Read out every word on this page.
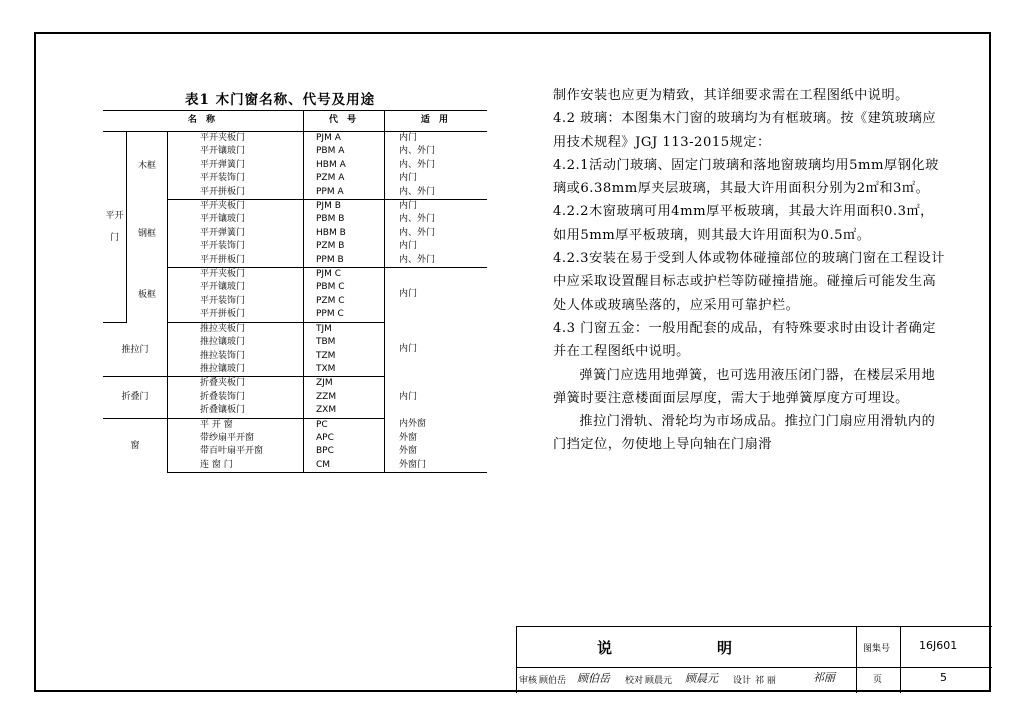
表1 木门窗名称、代号及用途
名 称			代 号	适 用
平开门	木框	平开夹板门	PJM A	内门
		平开镶玻门	PBM A	内、外门
		平开弹簧门	HBM A	内、外门
		平开装饰门	PZM A	内门
		平开拼板门	PPM A	内、外门
	钢框	平开夹板门	PJM B	内门
		平开镶玻门	PBM B	内、外门
		平开弹簧门	HBM B	内、外门
		平开装饰门	PZM B	内门
		平开拼板门	PPM B	内、外门
	板框	平开夹板门	PJM C	内门
		平开镶玻门	PBM C	
		平开装饰门	PZM C	
		平开拼板门	PPM C	
推拉门		推拉夹板门	TJM	内门
		推拉镶玻门	TBM	
		推拉装饰门	TZM	
		推拉镶玻门	TXM	
折叠门		折叠夹板门	ZJM	内门
		折叠装饰门	ZZM	
		折叠镶板门	ZXM	
窗		平 开 窗	PC	内外窗
		带纱扇平开窗	APC	外窗
		带百叶扇平开窗	BPC	外窗
		连 窗 门	CM	外窗门

制作安装也应更为精致，其详细要求需在工程图纸中说明。

4.2 玻璃：本图集木门窗的玻璃均为有框玻璃。按《建筑玻璃应用技术规程》JGJ 113-2015规定：

4.2.1活动门玻璃、固定门玻璃和落地窗玻璃均用5mm厚钢化玻璃或6.38mm厚夹层玻璃，其最大许用面积分别为2㎡和3㎡。

4.2.2木窗玻璃可用4mm厚平板玻璃，其最大许用面积0.3㎡，如用5mm厚平板玻璃，则其最大许用面积为0.5㎡。

4.2.3安装在易于受到人体或物体碰撞部位的玻璃门窗在工程设计中应采取设置醒目标志或护栏等防碰撞措施。碰撞后可能发生高处人体或玻璃坠落的，应采用可靠护栏。

4.3 门窗五金：一般用配套的成品，有特殊要求时由设计者确定并在工程图纸中说明。

弹簧门应选用地弹簧，也可选用液压闭门器，在楼层采用地弹簧时要注意楼面面层厚度，需大于地弹簧厚度方可埋设。

推拉门滑轨、滑轮均为市场成品。推拉门门扇应用滑轨内的门挡定位，勿使地上导向轴在门扇滑

说	明	图集号	16J601
页	5
审核 顾伯岳 顾伯岳 校对 顾晨元 顾晨元 设计 祁 丽	祁丽
